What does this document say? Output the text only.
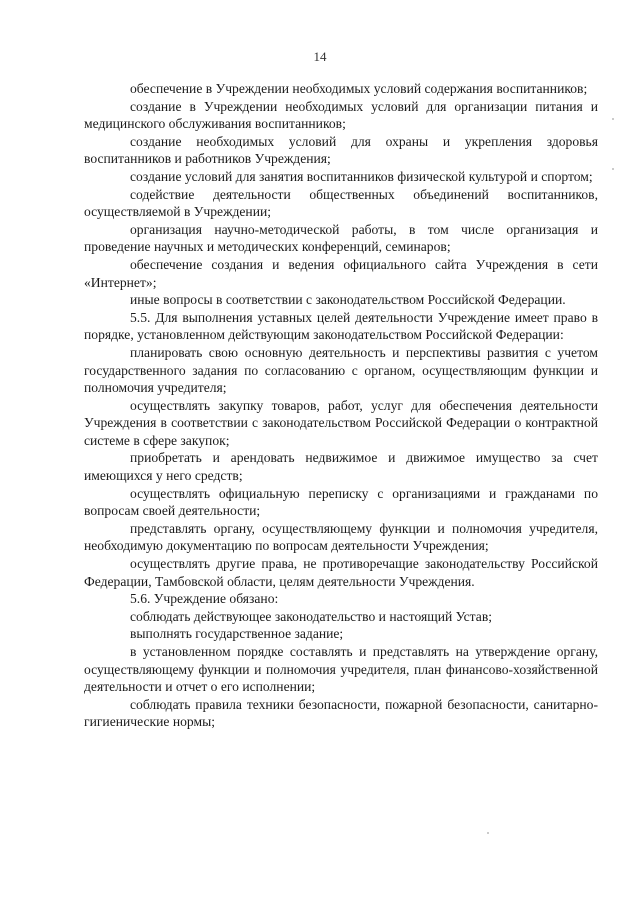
14

обеспечение в Учреждении необходимых условий содержания воспитанников;

создание в Учреждении необходимых условий для организации питания и медицинского обслуживания воспитанников;

создание необходимых условий для охраны и укрепления здоровья воспитанников и работников Учреждения;

создание условий для занятия воспитанников физической культурой и спортом;

содействие деятельности общественных объединений воспитанников, осуществляемой в Учреждении;

организация научно-методической работы, в том числе организация и проведение научных и методических конференций, семинаров;

обеспечение создания и ведения официального сайта Учреждения в сети «Интернет»;

иные вопросы в соответствии с законодательством Российской Федерации.

5.5. Для выполнения уставных целей деятельности Учреждение имеет право в порядке, установленном действующим законодательством Российской Федерации:

планировать свою основную деятельность и перспективы развития с учетом государственного задания по согласованию с органом, осуществляющим функции и полномочия учредителя;

осуществлять закупку товаров, работ, услуг для обеспечения деятельности Учреждения в соответствии с законодательством Российской Федерации о контрактной системе в сфере закупок;

приобретать и арендовать недвижимое и движимое имущество за счет имеющихся у него средств;

осуществлять официальную переписку с организациями и гражданами по вопросам своей деятельности;

представлять органу, осуществляющему функции и полномочия учредителя, необходимую документацию по вопросам деятельности Учреждения;

осуществлять другие права, не противоречащие законодательству Российской Федерации, Тамбовской области, целям деятельности Учреждения.

5.6. Учреждение обязано:

соблюдать действующее законодательство и настоящий Устав;

выполнять государственное задание;

в установленном порядке составлять и представлять на утверждение органу, осуществляющему функции и полномочия учредителя, план финансово-хозяйственной деятельности и отчет о его исполнении;

соблюдать правила техники безопасности, пожарной безопасности, санитарно-гигиенические нормы;
